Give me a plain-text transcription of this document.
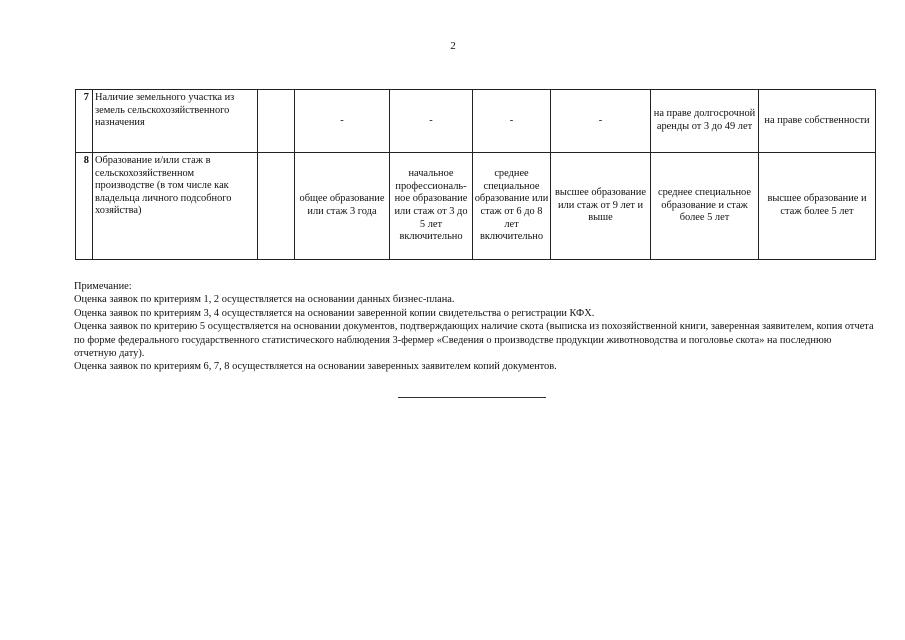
2
7	Наличие земельного участка из земель сельскохозяйственного назначения		-	-	-	-	на праве долгосрочной аренды от 3 до 49 лет	на праве собственности
8	Образование и/или стаж в сельскохозяйственном производстве (в том числе как владельца личного подсобного хозяйства)		общее образование или стаж 3 года	начальное профессиональ-ное образование или стаж от 3 до 5 лет включительно	среднее специальное образование или стаж от 6 до 8 лет включительно	высшее образование или стаж от 9 лет и выше	среднее специальное образование и стаж более 5 лет	высшее образование и стаж более 5 лет

Примечание:

Оценка заявок по критериям 1, 2 осуществляется на основании данных бизнес-плана.

Оценка заявок по критериям 3, 4 осуществляется на основании заверенной копии свидетельства о регистрации КФХ.

Оценка заявок по критерию 5 осуществляется на основании документов, подтверждающих наличие скота (выписка из похозяйственной книги, заверенная заявителем, копия отчета по форме федерального государственного статистического наблюдения 3-фермер «Сведения о производстве продукции животноводства и поголовье скота» на последнюю отчетную дату).

Оценка заявок по критериям 6, 7, 8 осуществляется на основании заверенных заявителем копий документов.
